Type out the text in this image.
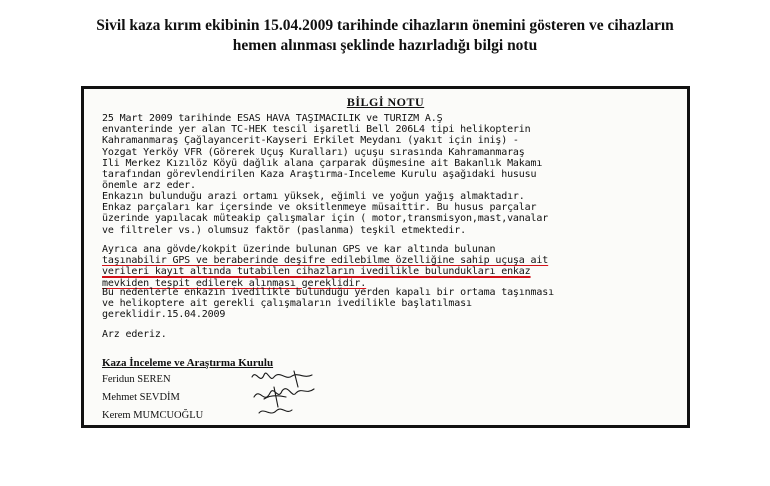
Sivil kaza kırım ekibinin 15.04.2009 tarihinde cihazların önemini gösteren ve cihazların
hemen alınması şeklinde hazırladığı bilgi notu
BİLGİ NOTU
25 Mart 2009 tarihinde ESAS HAVA TAŞIMACILIK ve TURİZM A.Ş
envanterinde yer alan TC-HEK tescil işaretli Bell 206L4 tipi helikopterin
Kahramanmaraş Çağlayancerit-Kayseri Erkilet Meydanı (yakıt için iniş) -
Yozgat Yerköy VFR (Görerek Uçuş Kuralları) uçuşu sırasında Kahramanmaraş
İli Merkez Kızılöz Köyü dağlık alana çarparak düşmesine ait Bakanlık Makamı
tarafından görevlendirilen Kaza Araştırma-İnceleme Kurulu aşağıdaki hususu
önemle arz eder.
Enkazın bulunduğu arazi ortamı yüksek, eğimli ve yoğun yağış almaktadır.
Enkaz parçaları kar içersinde ve oksitlenmeye müsaittir. Bu husus parçalar
üzerinde yapılacak müteakip çalışmalar için ( motor,transmisyon,mast,vanalar
ve filtreler vs.) olumsuz faktör (paslanma) teşkil etmektedir.
Ayrıca ana gövde/kokpit üzerinde bulunan GPS ve kar altında bulunan
taşınabilir GPS ve beraberinde deşifre edilebilme özelliğine sahip uçuşa ait
verileri kayıt altında tutabilen cihazların ivedilikle bulundukları enkaz
mevkiden tespit edilerek alınması gereklidir.
Bu nedenlerle enkazın ivedilikle bulunduğu yerden kapalı bir ortama taşınması
ve helikoptere ait gerekli çalışmaların ivedilikle başlatılması
gereklidir.15.04.2009
Arz ederiz.
Kaza İnceleme ve Araştırma Kurulu
Feridun SEREN
Mehmet SEVDİM
Kerem MUMCUOĞLU
